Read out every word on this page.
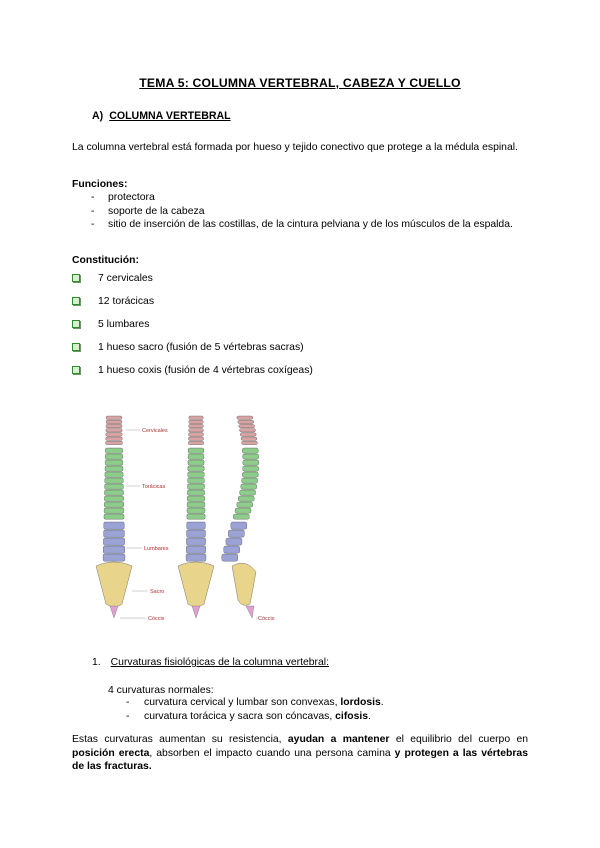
TEMA 5: COLUMNA VERTEBRAL, CABEZA Y CUELLO
A) COLUMNA VERTEBRAL
La columna vertebral está formada por hueso y tejido conectivo que protege a la médula espinal.
Funciones:
- protectora
- soporte de la cabeza
- sitio de inserción de las costillas, de la cintura pelviana y de los músculos de la espalda.
Constitución:
7 cervicales
12 torácicas
5 lumbares
1 hueso sacro (fusión de 5 vértebras sacras)
1 hueso coxis (fusión de 4 vértebras coxígeas)
Cervicales
Torácicas
Lumbares
Sacro
Cóccix	Cóccix
1. Curvaturas fisiológicas de la columna vertebral:
4 curvaturas normales:
- curvatura cervical y lumbar son convexas, lordosis.
- curvatura torácica y sacra son cóncavas, cifosis.
Estas curvaturas aumentan su resistencia, ayudan a mantener el equilibrio del cuerpo en posición erecta, absorben el impacto cuando una persona camina y protegen a las vértebras de las fracturas.
